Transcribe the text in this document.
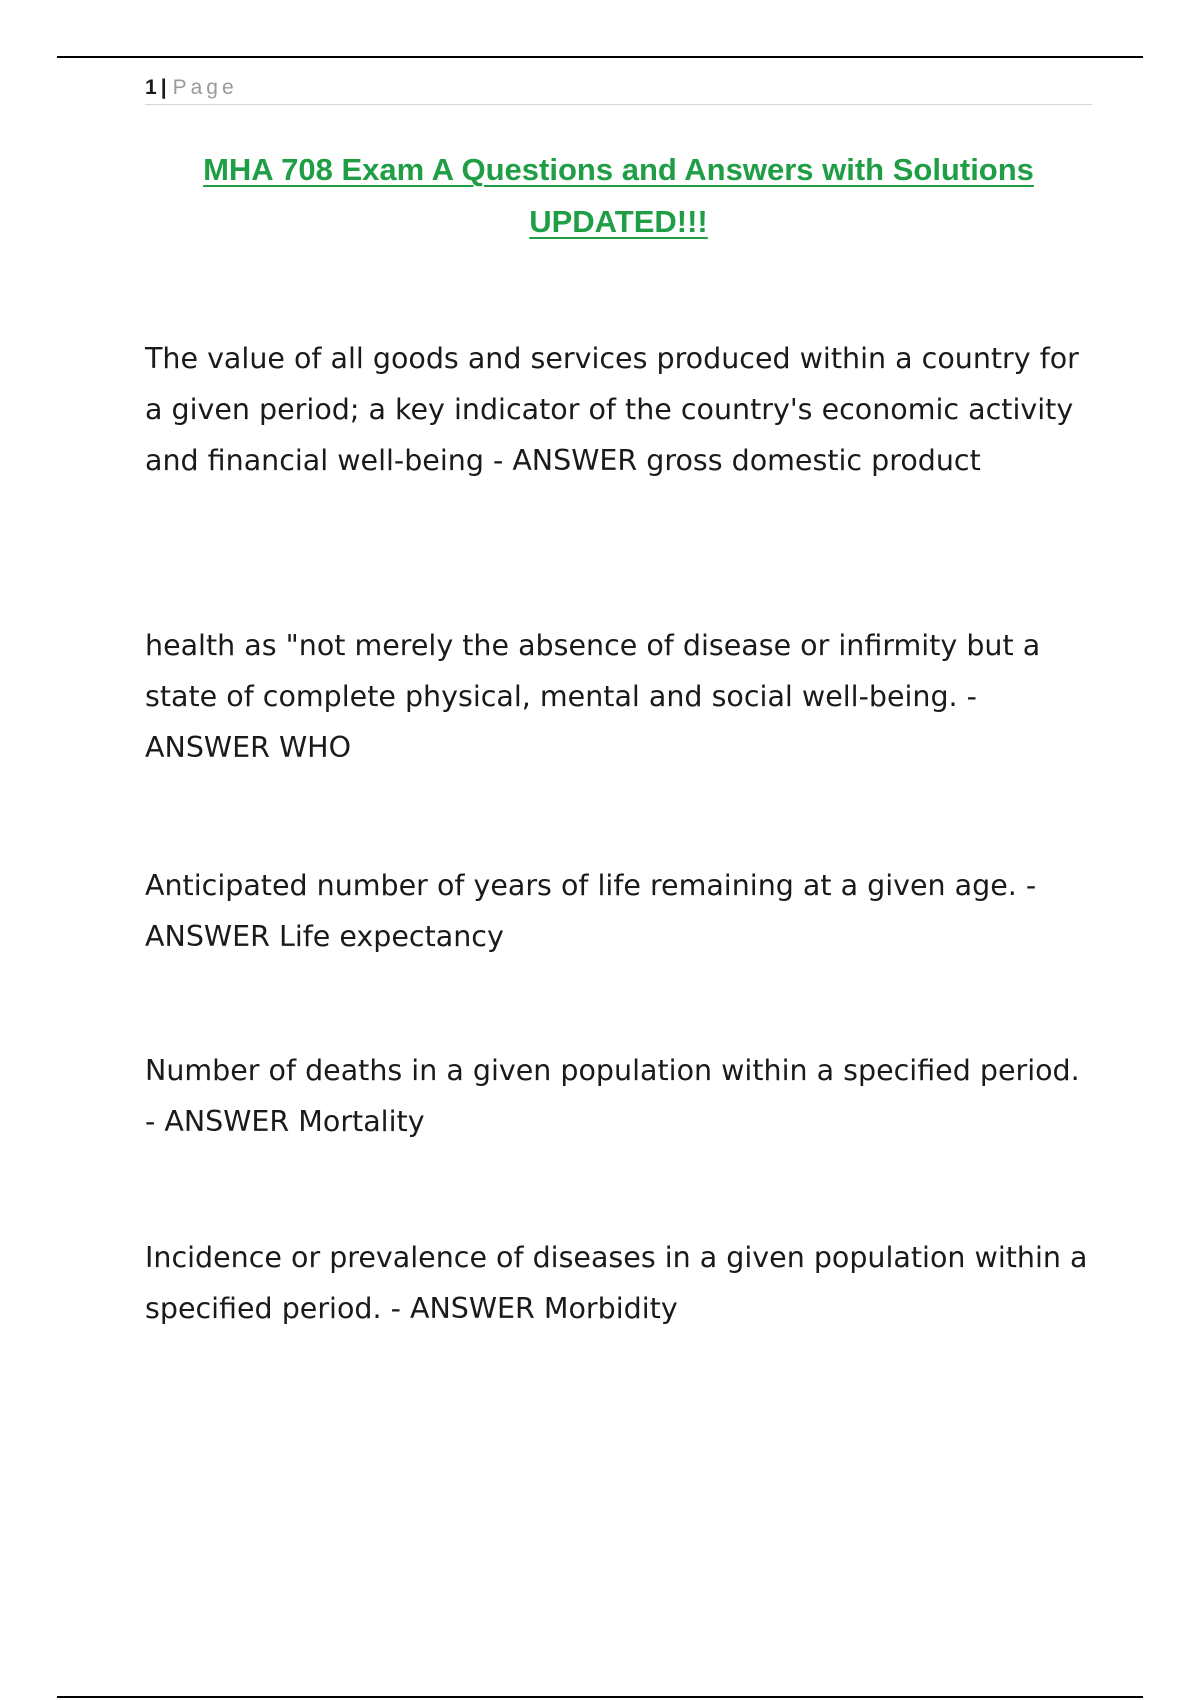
1 | Page
MHA 708 Exam A Questions and Answers with Solutions UPDATED!!!

The value of all goods and services produced within a country for a given period; a key indicator of the country's economic activity and financial well-being - ANSWER gross domestic product

health as "not merely the absence of disease or infirmity but a state of complete physical, mental and social well-being. - ANSWER WHO

Anticipated number of years of life remaining at a given age. - ANSWER Life expectancy

Number of deaths in a given population within a specified period. - ANSWER Mortality

Incidence or prevalence of diseases in a given population within a specified period. - ANSWER Morbidity
